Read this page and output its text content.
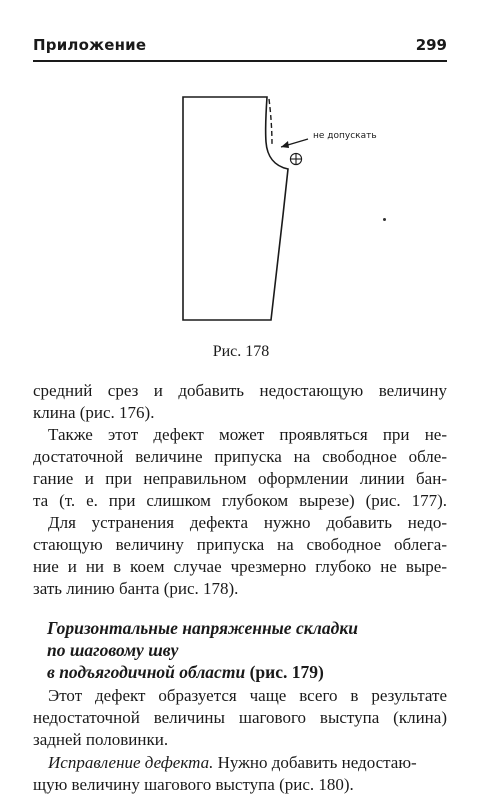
Приложение	299
не допускать
Рис. 178
средний срез и добавить недостающую величину
клина (рис. 176).
Также этот дефект может проявляться при не-
достаточной величине припуска на свободное обле-
гание и при неправильном оформлении линии бан-
та (т. е. при слишком глубоком вырезе) (рис. 177).
Для устранения дефекта нужно добавить недо-
стающую величину припуска на свободное облега-
ние и ни в коем случае чрезмерно глубоко не выре-
зать линию банта (рис. 178).
Горизонтальные напряженные складки
по шаговому шву
в подъягодичной области (рис. 179)
Этот дефект образуется чаще всего в результате
недостаточной величины шагового выступа (клина)
задней половинки.
Исправление дефекта. Нужно добавить недостаю-
щую величину шагового выступа (рис. 180).
